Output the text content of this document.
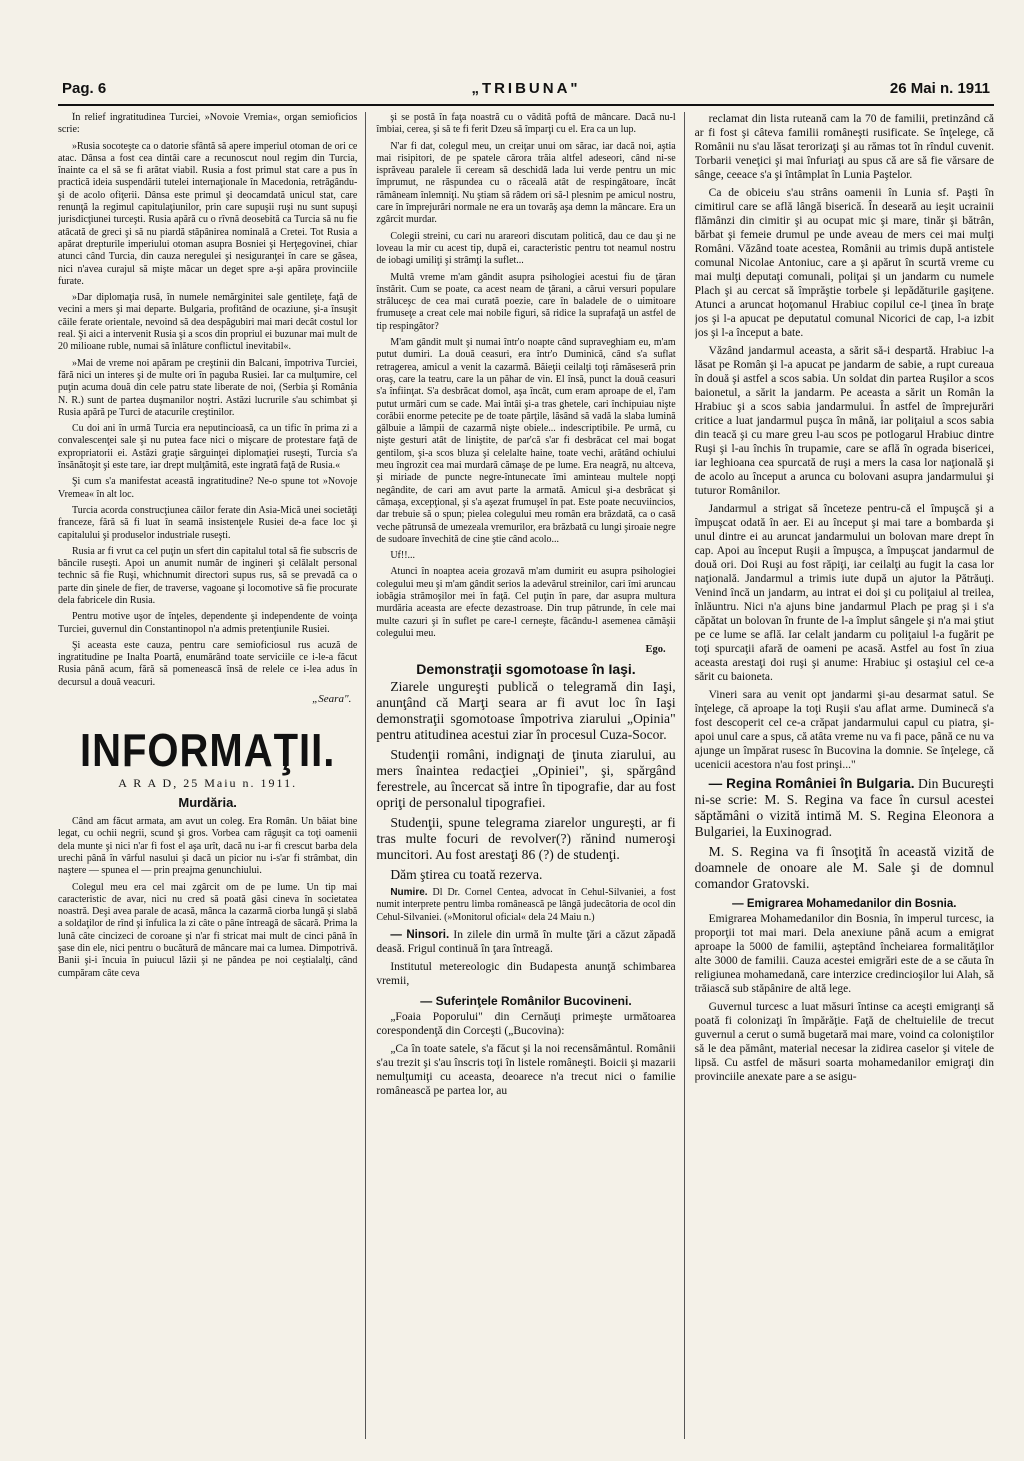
Pag. 6	„TRIBUNA"	26 Mai n. 1911

În relief ingratitudinea Turciei, »Novoie Vremia«, organ semioficios scrie:

»Rusia socoteşte ca o datorie sfântă să apere imperiul otoman de ori ce atac. Dânsa a fost cea dintâi care a recunoscut noul regim din Turcia, înainte ca el să se fi arătat viabil. Rusia a fost primul stat care a pus în practică ideia suspendării tutelei internaţionale în Macedonia, retrăgându-şi de acolo ofiţerii. Dânsa este primul şi deocamdată unicul stat, care renunţă la regimul capitulaţiunilor, prin care supuşii ruşi nu sunt supuşi jurisdicţiunei turceşti. Rusia apără cu o rîvnă deosebită ca Turcia să nu fie atâcată de greci şi să nu piardă stăpânirea nominală a Cretei. Tot Rusia a apărat drepturile imperiului otoman asupra Bosniei şi Herţegovinei, chiar atunci când Turcia, din cauza neregulei şi nesiguranţei în care se găsea, nici n'avea curajul să mişte măcar un deget spre a-şi apăra provinciile furate.

»Dar diplomaţia rusă, în numele nemărginitei sale gentileţe, faţă de vecini a mers şi mai departe. Bulgaria, profitând de ocaziune, şi-a însuşit căile ferate orientale, nevoind să dea despăgubiri mai mari decât costul lor real. Şi aici a intervenit Rusia şi a scos din propriul ei buzunar mai mult de 20 milioane ruble, numai să înlăture conflictul inevitabil«.

»Mai de vreme noi apăram pe creştinii din Balcani, împotriva Turciei, fără nici un interes şi de multe ori în paguba Rusiei. Iar ca mulţumire, cel puţin acuma două din cele patru state liberate de noi, (Serbia şi România N. R.) sunt de partea duşmanilor noştri. Astăzi lucrurile s'au schimbat şi Rusia apără pe Turci de atacurile creştinilor.

Cu doi ani în urmă Turcia era neputincioasă, ca un tific în prima zi a convalescenţei sale şi nu putea face nici o mişcare de protestare faţă de expropriatorii ei. Astăzi graţie sârguinţei diplomaţiei ruseşti, Turcia s'a însănătoşit şi este tare, iar drept mulţămită, este ingrată faţă de Rusia.«

Şi cum s'a manifestat această ingratitudine? Ne-o spune tot »Novoje Vremea« în alt loc.

Turcia acorda construcţiunea căilor ferate din Asia-Mică unei societăţi franceze, fără să fi luat în seamă insistenţele Rusiei de-a face loc şi capitalului şi produselor industriale ruseşti.

Rusia ar fi vrut ca cel puţin un sfert din capitalul total să fie subscris de băncile ruseşti. Apoi un anumit număr de ingineri şi celălalt personal technic să fie Ruşi, whichnumit directori supus rus, să se prevadă ca o parte din şinele de fier, de traverse, vagoane şi locomotive să fie procurate dela fabricele din Rusia.

Pentru motive uşor de înţeles, dependente şi independente de voinţa Turciei, guvernul din Constantinopol n'a admis pretenţiunile Rusiei.

Şi aceasta este cauza, pentru care semioficiosul rus acuză de ingratitudine pe Inalta Poartă, enumărând toate serviciile ce i-le-a făcut Rusia până acum, fără să pomenească însă de relele ce i-lea adus în decursul a două veacuri.

„Seara".
INFORMAŢII.
A R A D, 25 Maiu n. 1911.
Murdăria.

Când am făcut armata, am avut un coleg. Era Român. Un băiat bine legat, cu ochii negrii, scund şi gros. Vorbea cam răguşit ca toţi oamenii dela munte şi nici n'ar fi fost el aşa urît, dacă nu i-ar fi crescut barba dela urechi până în vârful nasului şi dacă un picior nu i-s'ar fi strâmbat, din naştere — spunea el — prin preajma genunchiului.

Colegul meu era cel mai zgârcit om de pe lume. Un tip mai caracteristic de avar, nici nu cred să poată găsi cineva în societatea noastră. Deşi avea parale de acasă, mânca la cazarmă ciorba lungă şi slabă a soldaţilor de rînd şi înfulica la zi câte o pâne întreagă de săcară. Prima la lună câte cincizeci de coroane şi n'ar fi stricat mai mult de cinci până în şase din ele, nici pentru o bucătură de mâncare mai ca lumea. Dimpotrivă. Banii şi-i încuia în puiucul lăzii şi ne păndea pe noi ceştialalţi, când cumpăram câte ceva

şi se postă în faţa noastră cu o vădită poftă de mâncare. Dacă nu-l îmbiai, cerea, şi să te fi ferit Dzeu să împarţi cu el. Era ca un lup.

N'ar fi dat, colegul meu, un creiţar unui om sărac, iar dacă noi, aştia mai risipitori, de pe spatele cărora trăia altfel adeseori, când ni-se isprăveau paralele îi ceream să deschidă lada lui verde pentru un mic împrumut, ne răspundea cu o răceală atât de respingătoare, încât rămâneam înlemniţi. Nu ştiam să râdem ori să-l plesnim pe amicul nostru, care în împrejurări normale ne era un tovarăş aşa demn la mâncare. Era un zgârcit murdar.

Colegii streini, cu cari nu arareori discutam politică, dau ce dau şi ne loveau la mir cu acest tip, după ei, caracteristic pentru tot neamul nostru de iobagi umiliţi şi strâmţi la suflet...

Multă vreme m'am gândit asupra psihologiei acestui fiu de ţăran înstărit. Cum se poate, ca acest neam de ţărani, a cărui versuri populare străluceşc de cea mai curată poezie, care în baladele de o uimitoare frumuseţe a creat cele mai nobile figuri, să ridice la suprafaţă un astfel de tip respingător?

M'am gândit mult şi numai într'o noapte când supraveghiam eu, m'am putut dumiri. La două ceasuri, era într'o Duminică, când s'a suflat retragerea, amicul a venit la cazarmă. Băieţii ceilalţi toţi rămăseseră prin oraş, care la teatru, care la un păhar de vin. El însă, punct la două ceasuri s'a înfiinţat. S'a desbrăcat domol, aşa încât, cum eram aproape de el, î'am putut urmări cum se cade. Mai întâi şi-a tras ghetele, cari închipuiau nişte corăbii enorme petecite pe de toate părţile, lăsând să vadă la slaba lumină gălbuie a lămpii de cazarmă nişte obiele... indescriptibile. Pe urmă, cu nişte gesturi atât de liniştite, de par'că s'ar fi desbrăcat cel mai bogat gentilom, şi-a scos bluza şi celelalte haine, toate vechi, arătând ochiului meu îngrozit cea mai murdară cămaşe de pe lume. Era neagră, nu altceva, şi miriade de puncte negre-întunecate îmi aminteau multele nopţi negândite, de cari am avut parte la armată. Amicul şi-a desbrăcat şi cămaşa, excepţional, şi s'a aşezat frumuşel în pat. Este poate necuviincios, dar trebuie să o spun; pielea colegului meu român era brăzdată, ca o casă veche pătrunsă de umezeala vremurilor, era brăzbată cu lungi şiroaie negre de sudoare învechită de cine ştie când acolo...

Uf!!...

Atunci în noaptea aceia grozavă m'am dumirit eu asupra psihologiei colegului meu şi m'am gândit serios la adevărul streinilor, cari îmi aruncau iobăgia strămoşilor mei în faţă. Cel puţin în pare, dar asupra multura murdăria aceasta are efecte dezastroase. Din trup pătrunde, în cele mai multe cazuri şi în suflet pe care-l cerneşte, făcându-l asemenea cămăşii colegului meu.

Ego.
Demonstraţii sgomotoase în Iaşi.

Ziarele ungureşti publică o telegramă din Iaşi, anunţând că Marţi seara ar fi avut loc în Iaşi demonstraţii sgomotoase împotriva ziarului „Opinia" pentru atitudinea acestui ziar în procesul Cuza-Socor.

Studenţii români, indignaţi de ţinuta ziarului, au mers înaintea redacţiei „Opiniei", şi, spărgând ferestrele, au încercat să intre în tipografie, dar au fost opriţi de personalul tipografiei.

Studenţii, spune telegrama ziarelor ungureşti, ar fi tras multe focuri de revolver(?) rănind numeroşi muncitori. Au fost arestaţi 86 (?) de studenţi.

Dăm ştirea cu toată rezerva.

Numire. Dl Dr. Cornel Centea, advocat în Cehul-Silvaniei, a fost numit interprete pentru limba românească pe lângă judecătoria de ocol din Cehul-Silvaniei. (»Monitorul oficial« dela 24 Maiu n.)

— Ninsori. In zilele din urmă în multe ţări a căzut zăpadă deasă. Frigul continuă în ţara întreagă.

Institutul metereologic din Budapesta anunţă schimbarea vremii,

— Suferinţele Românilor Bucovineni.

„Foaia Poporului" din Cernăuţi primeşte următoarea corespondenţă din Corceşti („Bucovina):

„Ca în toate satele, s'a făcut şi la noi recensământul. Românii s'au trezit şi s'au înscris toţi în listele româneşti. Boicii şi mazarii nemulţumiţi cu aceasta, deoarece n'a trecut nici o familie românească pe partea lor, au

reclamat din lista ruteană cam la 70 de familii, pretinzând că ar fi fost şi câteva familii româneşti rusificate. Se înţelege, că Românii nu s'au lăsat terorizaţi şi au rămas tot în rîndul cuvenit. Torbarii veneţici şi mai înfuriaţi au spus că are să fie vărsare de sânge, ceeace s'a şi întâmplat în Lunia Paştelor.

Ca de obiceiu s'au strâns oamenii în Lunia sf. Paşti în cimitirul care se află lângă biserică. În deseară au ieşit ucrainii flămânzi din cimitir şi au ocupat mic şi mare, tinăr şi bătrân, bărbat şi femeie drumul pe unde aveau de mers cei mai mulţi Români. Văzând toate acestea, Românii au trimis după antistele comunal Nicolae Antoniuc, care a şi apărut în scurtă vreme cu mai mulţi deputaţi comunali, poliţai şi un jandarm cu numele Plach şi au cercat să împrăştie torbele şi lepădăturile gaşiţene. Atunci a aruncat hoţomanul Hrabiuc copilul ce-l ţinea în braţe jos şi l-a apucat pe deputatul comunal Nicorici de cap, l-a izbit jos şi l-a început a bate.

Văzând jandarmul aceasta, a sărit să-i despartă. Hrabiuc l-a lăsat pe Român şi l-a apucat pe jandarm de sabie, a rupt cureaua în două şi astfel a scos sabia. Un soldat din partea Ruşilor a scos baionetul, a sărit la jandarm. Pe aceasta a sărit un Român la Hrabiuc şi a scos sabia jandarmului. În astfel de împrejurări critice a luat jandarmul puşca în mână, iar poliţaiul a scos sabia din teacă şi cu mare greu l-au scos pe potlogarul Hrabiuc dintre Ruşi şi l-au închis în trupamie, care se află în ograda bisericei, iar leghioana cea spurcată de ruşi a mers la casa lor naţională şi de acolo au început a arunca cu bolovani asupra jandarmului şi tuturor Românilor.

Jandarmul a strigat să înceteze pentru-că el împuşcă şi a împuşcat odată în aer. Ei au început şi mai tare a bombarda şi unul dintre ei au aruncat jandarmului un bolovan mare drept în cap. Apoi au început Ruşii a împuşca, a împuşcat jandarmul de două ori. Doi Ruşi au fost răpiţi, iar ceilalţi au fugit la casa lor naţională. Jandarmul a trimis iute după un ajutor la Pătrăuţi. Venind încă un jandarm, au intrat ei doi şi cu poliţaiul al treilea, înlăuntru. Nici n'a ajuns bine jandarmul Plach pe prag şi i s'a căpătat un bolovan în frunte de l-a împlut sângele şi n'a mai ştiut pe ce lume se află. Iar celalt jandarm cu poliţaiul l-a fugărit pe toţi spurcaţii afară de oameni pe acasă. Astfel au fost în ziua aceasta arestaţi doi ruşi şi anume: Hrabiuc şi ostaşiul cel ce-a sărit cu baioneta.

Vineri sara au venit opt jandarmi şi-au desarmat satul. Se înţelege, că aproape la toţi Ruşii s'au aflat arme. Duminecă s'a fost descoperit cel ce-a crăpat jandarmului capul cu piatra, şi-apoi unul care a spus, că atâta vreme nu va fi pace, până ce nu va ajunge un împărat rusesc în Bucovina la domnie. Se înţelege, că ucenicii acestora n'au fost prinşi..."

— Regina României în Bulgaria. Din Bucureşti ni-se scrie: M. S. Regina va face în cursul acestei săptămâni o vizită intimă M. S. Regina Eleonora a Bulgariei, la Euxinograd.

M. S. Regina va fi însoţită în această vizită de doamnele de onoare ale M. Sale şi de domnul comandor Gratovski.

— Emigrarea Mohamedanilor din Bosnia.

Emigrarea Mohamedanilor din Bosnia, în imperul turcesc, ia proporţii tot mai mari. Dela anexiune până acum a emigrat aproape la 5000 de familii, aşteptând încheiarea formalităţilor alte 3000 de familii. Cauza acestei emigrări este de a se căuta în religiunea mohamedană, care interzice credincioşilor lui Alah, să trăiască sub stăpânire de altă lege.

Guvernul turcesc a luat măsuri întinse ca aceşti emigranţi să poată fi colonizaţi în împărăţie. Faţă de cheltuielile de trecut guvernul a cerut o sumă bugetară mai mare, voind ca coloniştilor să le dea pământ, material necesar la zidirea caselor şi vitele de lipsă. Cu astfel de măsuri soarta mohamedanilor emigraţi din provinciile anexate pare a se asigu-
